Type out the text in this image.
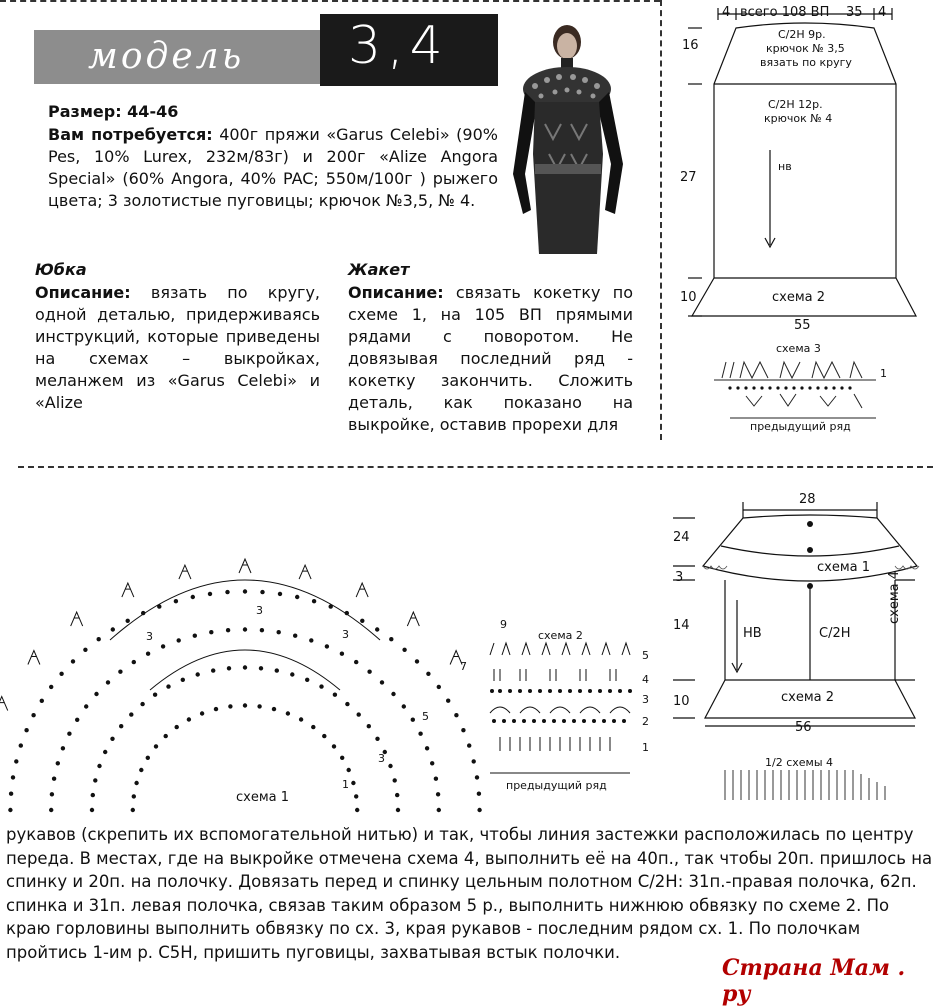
модель 3,4
Размер: 44-46
Вам потребуется: 400г пряжи «Garus Celebi» (90% Pes, 10% Lurex, 232м/83г) и 200г «Alize Angora Special» (60% Angora, 40% PAC; 550м/100г ) рыжего цвета; 3 золотистые пуговицы; крючок №3,5, № 4.
Юбка
Описание: вязать по кругу, одной деталью, придерживаясь инструкций, которые приведены на схемах – выкройках, меланжем из «Garus Celebi» и «Alize
Жакет
Описание: связать кокетку по схеме 1, на 105 ВП прямыми рядами с поворотом. Не довязывая последний ряд - кокетку закончить. Сложить деталь, как показано на выкройке, оставив прорехи для
4 всего 108 ВП 35 4
16
27
10
55
С/2Н 9р.
крючок № 3,5
вязать по кругу
С/2Н 12р.
крючок № 4
нв
схема 2
схема 3
1
предыдущий ряд
схема 1
1
3
5
7
9
3
3
3	схема 2
5
4
3
2
1
предыдущий ряд
28
24
3
14
10
56
схема 1
НВ	С/2Н
схема 4
схема 2
1/2 схемы 4
рукавов (скрепить их вспомогательной нитью) и так, чтобы линия застежки расположилась по центру переда. В местах, где на выкройке отмечена схема 4, выполнить её на 40п., так чтобы 20п. пришлось на спинку и 20п. на полочку. Довязать перед и спинку цельным полотном С/2Н: 31п.-правая полочка, 62п. спинка и 31п. левая полочка, связав таким образом 5 р., выполнить нижнюю обвязку по схеме 2. По краю горловины выполнить обвязку по сх. 3, края рукавов - последним рядом сх. 1. По полочкам пройтись 1-им р. С5Н, пришить пуговицы, захватывая встык полочки.
Страна Мам . ру
